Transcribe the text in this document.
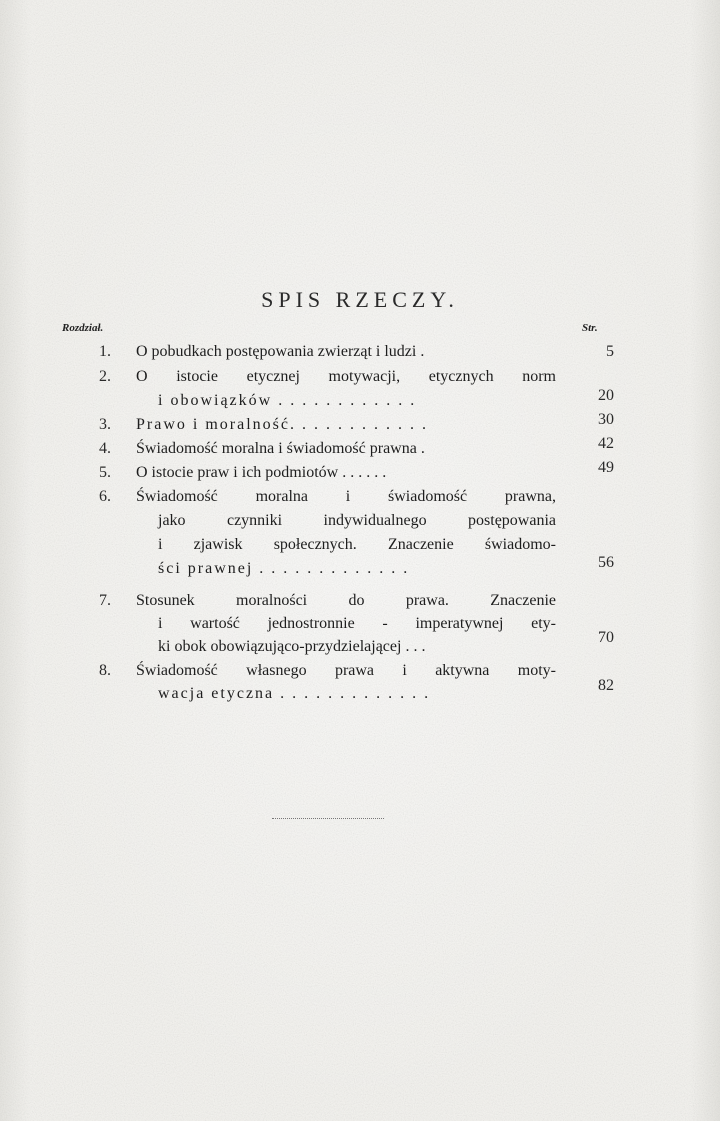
SPIS RZECZY.
Rozdział.	Str.
1.	O pobudkach postępowania zwierząt i ludzi .	5
2.	O istocie etycznej motywacji, etycznych norm
i obowiązków . . . . . . . . . . . .	20
3.	Prawo i moralność. . . . . . . . . . . .	30
4.	Świadomość moralna i świadomość prawna .	42
5.	O istocie praw i ich podmiotów . . . . . .	49
6.	Świadomość moralna i świadomość prawna,
jako czynniki indywidualnego postępowania
i zjawisk społecznych. Znaczenie świadomo-
ści prawnej . . . . . . . . . . . . .	56
7.	Stosunek moralności do prawa. Znaczenie
i wartość jednostronnie - imperatywnej ety-
ki obok obowiązująco-przydzielającej . . .
70
8.	Świadomość własnego prawa i aktywna moty-
wacja etyczna . . . . . . . . . . . . .	82
